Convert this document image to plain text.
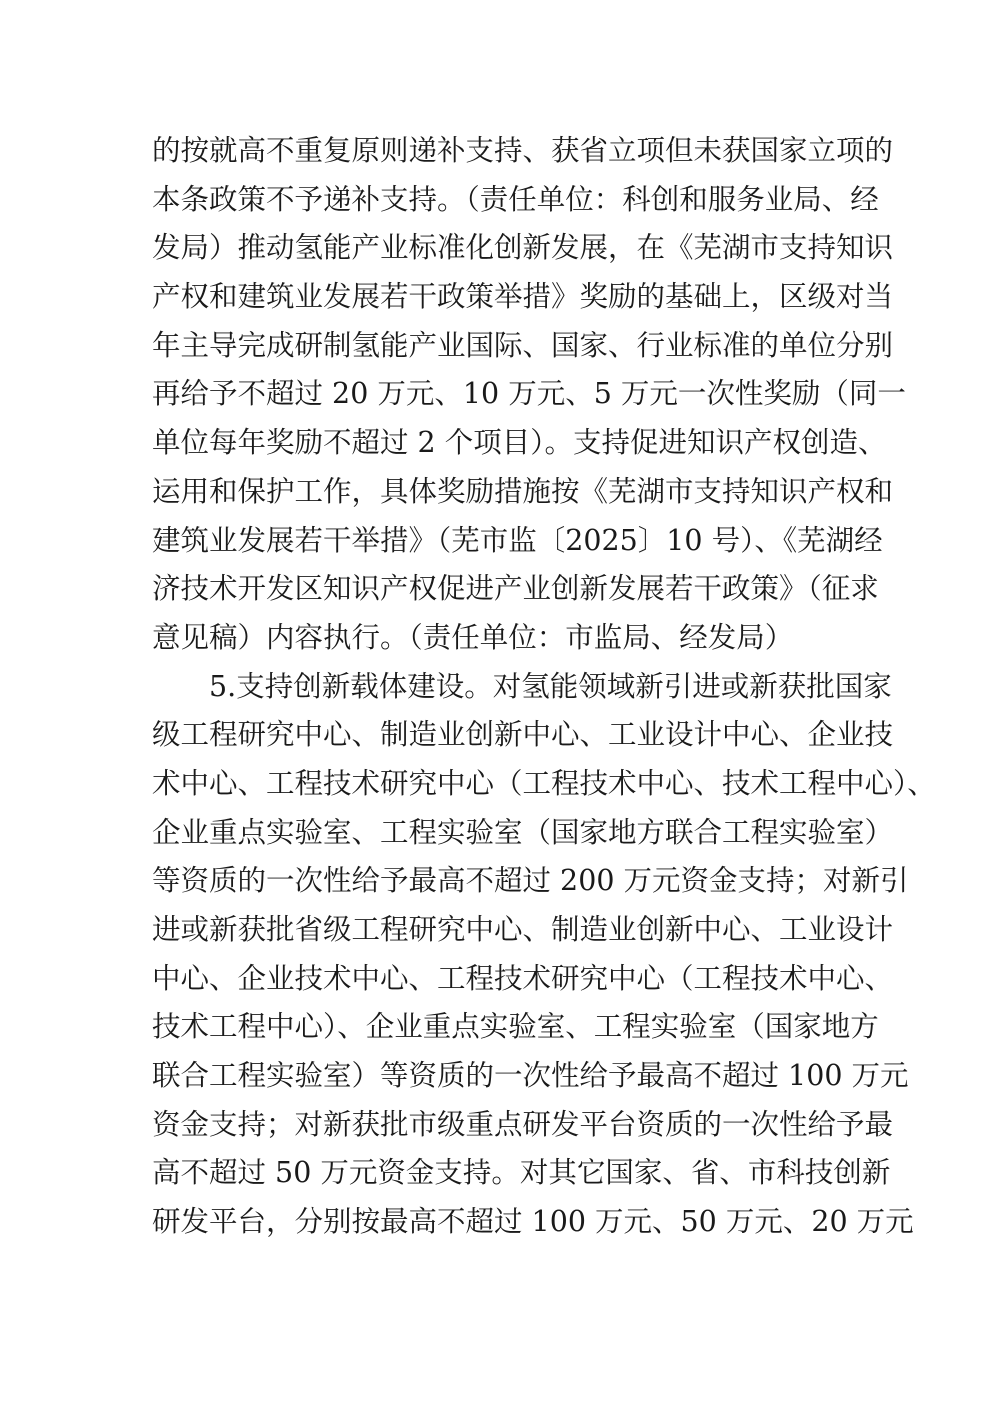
的按就高不重复原则递补支持、获省立项但未获国家立项的
本条政策不予递补支持。（责任单位：科创和服务业局、经
发局）推动氢能产业标准化创新发展，在《芜湖市支持知识
产权和建筑业发展若干政策举措》奖励的基础上，区级对当
年主导完成研制氢能产业国际、国家、行业标准的单位分别
再给予不超过 20 万元、10 万元、5 万元一次性奖励（同一
单位每年奖励不超过 2 个项目）。支持促进知识产权创造、
运用和保护工作，具体奖励措施按《芜湖市支持知识产权和
建筑业发展若干举措》（芜市监〔2025〕10 号）、《芜湖经
济技术开发区知识产权促进产业创新发展若干政策》（征求
意见稿）内容执行。（责任单位：市监局、经发局）
5.支持创新载体建设。对氢能领域新引进或新获批国家
级工程研究中心、制造业创新中心、工业设计中心、企业技
术中心、工程技术研究中心（工程技术中心、技术工程中心）、
企业重点实验室、工程实验室（国家地方联合工程实验室）
等资质的一次性给予最高不超过 200 万元资金支持；对新引
进或新获批省级工程研究中心、制造业创新中心、工业设计
中心、企业技术中心、工程技术研究中心（工程技术中心、
技术工程中心）、企业重点实验室、工程实验室（国家地方
联合工程实验室）等资质的一次性给予最高不超过 100 万元
资金支持；对新获批市级重点研发平台资质的一次性给予最
高不超过 50 万元资金支持。对其它国家、省、市科技创新
研发平台，分别按最高不超过 100 万元、50 万元、20 万元
